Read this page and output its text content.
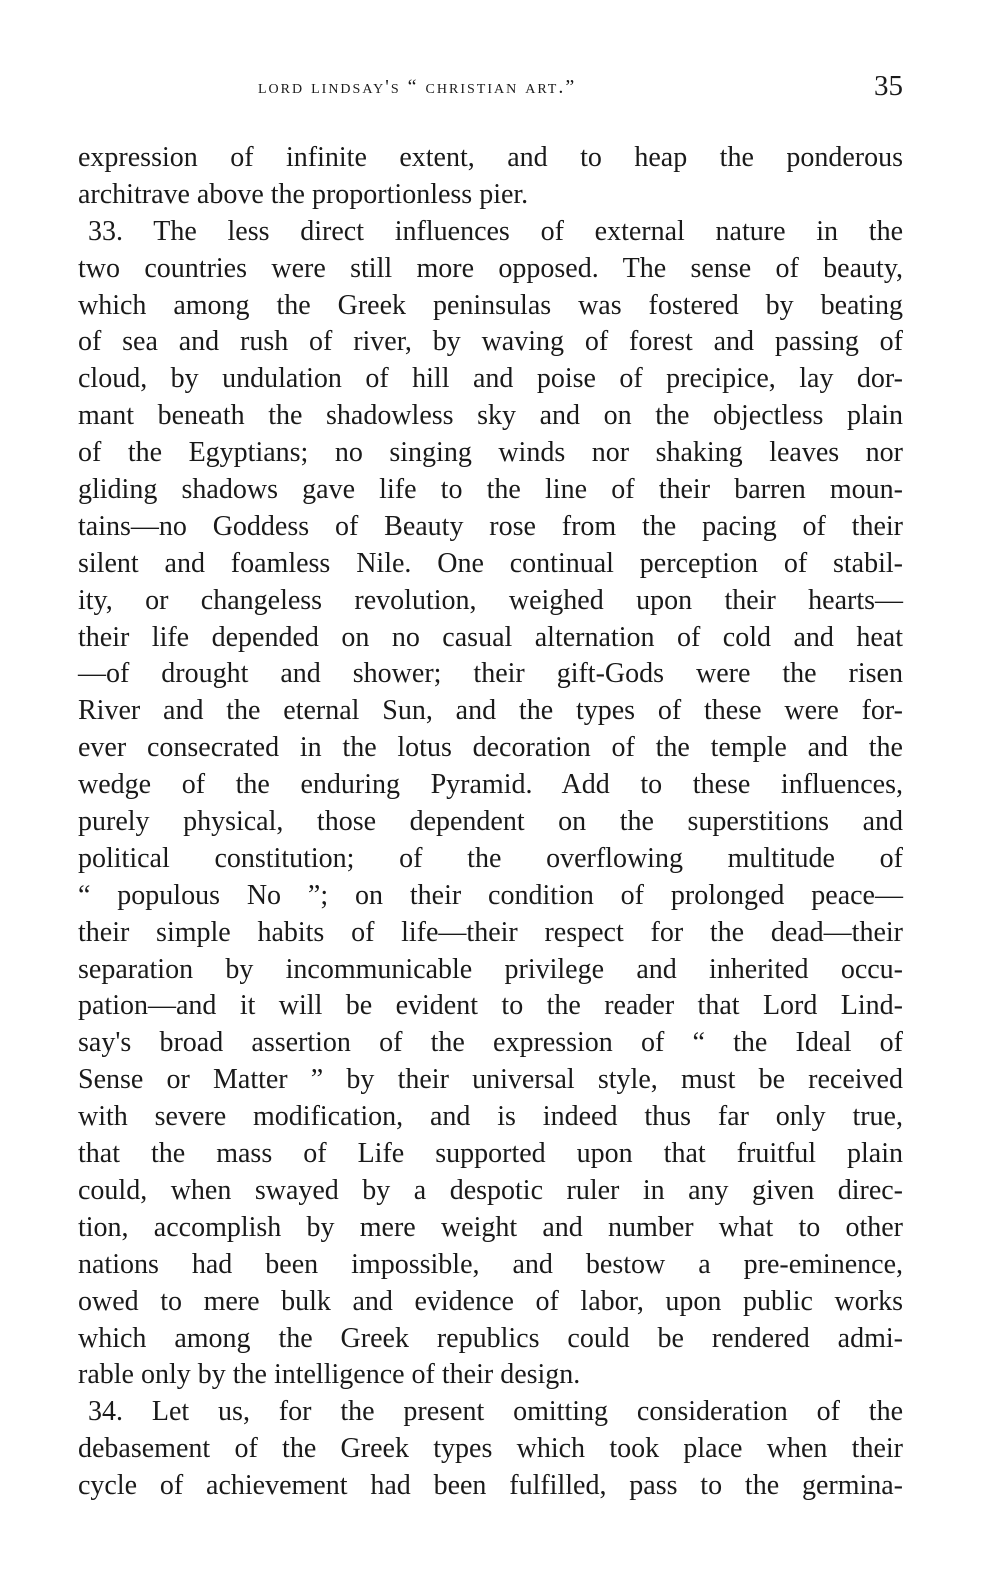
lord lindsay's “ christian art.”	35
expression of infinite extent, and to heap the ponderous
architrave above the proportionless pier.
33. The less direct influences of external nature in the
two countries were still more opposed. The sense of beauty,
which among the Greek peninsulas was fostered by beating
of sea and rush of river, by waving of forest and passing of
cloud, by undulation of hill and poise of precipice, lay dor-
mant beneath the shadowless sky and on the objectless plain
of the Egyptians; no singing winds nor shaking leaves nor
gliding shadows gave life to the line of their barren moun-
tains—no Goddess of Beauty rose from the pacing of their
silent and foamless Nile. One continual perception of stabil-
ity, or changeless revolution, weighed upon their hearts—
their life depended on no casual alternation of cold and heat
—of drought and shower; their gift-Gods were the risen
River and the eternal Sun, and the types of these were for-
ever consecrated in the lotus decoration of the temple and the
wedge of the enduring Pyramid. Add to these influences,
purely physical, those dependent on the superstitions and
political constitution; of the overflowing multitude of
“ populous No ”; on their condition of prolonged peace—
their simple habits of life—their respect for the dead—their
separation by incommunicable privilege and inherited occu-
pation—and it will be evident to the reader that Lord Lind-
say's broad assertion of the expression of “ the Ideal of
Sense or Matter ” by their universal style, must be received
with severe modification, and is indeed thus far only true,
that the mass of Life supported upon that fruitful plain
could, when swayed by a despotic ruler in any given direc-
tion, accomplish by mere weight and number what to other
nations had been impossible, and bestow a pre-eminence,
owed to mere bulk and evidence of labor, upon public works
which among the Greek republics could be rendered admi-
rable only by the intelligence of their design.
34. Let us, for the present omitting consideration of the
debasement of the Greek types which took place when their
cycle of achievement had been fulfilled, pass to the germina-
